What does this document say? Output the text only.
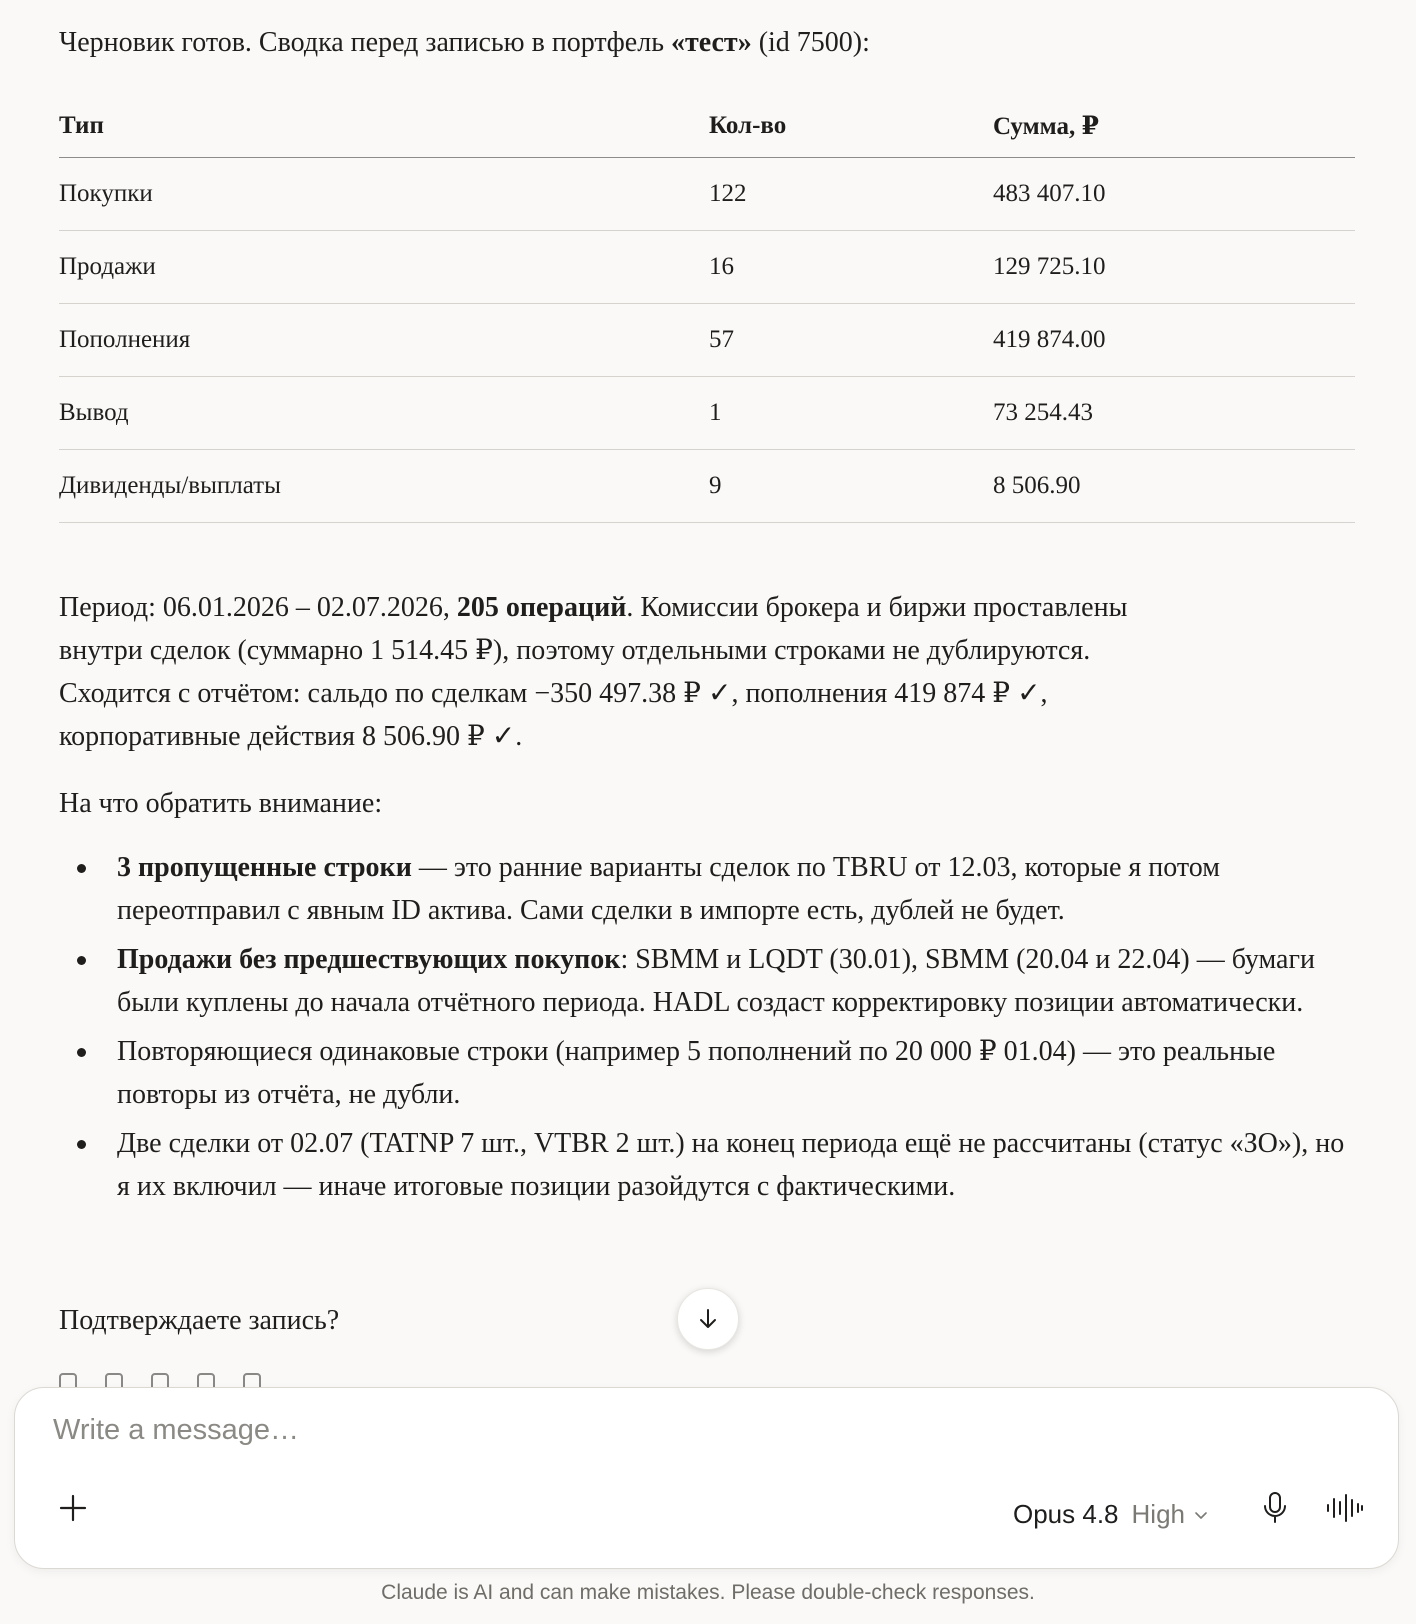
Черновик готов. Сводка перед записью в портфель «тест» (id 7500):
Тип	Кол-во	Сумма, ₽
Покупки	122	483 407.10
Продажи	16	129 725.10
Пополнения	57	419 874.00
Вывод	1	73 254.43
Дивиденды/выплаты	9	8 506.90
Период: 06.01.2026 – 02.07.2026, 205 операций. Комиссии брокера и биржи проставлены
внутри сделок (суммарно 1 514.45 ₽), поэтому отдельными строками не дублируются.
Сходится с отчётом: сальдо по сделкам −350 497.38 ₽ ✓, пополнения 419 874 ₽ ✓,
корпоративные действия 8 506.90 ₽ ✓.
На что обратить внимание:
3 пропущенные строки — это ранние варианты сделок по TBRU от 12.03, которые я потом переотправил с явным ID актива. Сами сделки в импорте есть, дублей не будет.
Продажи без предшествующих покупок: SBMM и LQDT (30.01), SBMM (20.04 и 22.04) — бумаги были куплены до начала отчётного периода. HADL создаст корректировку позиции автоматически.
Повторяющиеся одинаковые строки (например 5 пополнений по 20 000 ₽ 01.04) — это реальные повторы из отчёта, не дубли.
Две сделки от 02.07 (TATNP 7 шт., VTBR 2 шт.) на конец периода ещё не рассчитаны (статус «ЗО»), но я их включил — иначе итоговые позиции разойдутся с фактическими.
Подтверждаете запись?
Write a message…
Opus 4.8 High
Claude is AI and can make mistakes. Please double-check responses.
